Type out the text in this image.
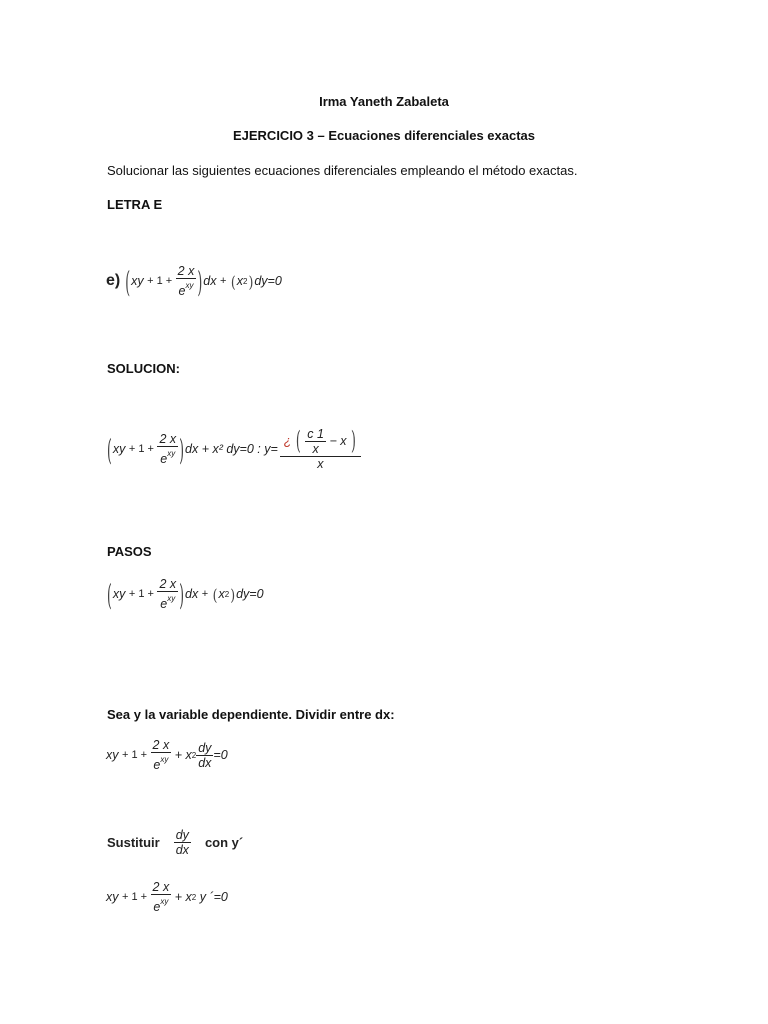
Irma Yaneth Zabaleta
EJERCICIO 3 – Ecuaciones diferenciales exactas
Solucionar las siguientes ecuaciones diferenciales empleando el método exactas.
LETRA E
e) ( xy
+ 1 +
$\frac{2 x}{e^{xy}}$ ) dx
+
( x 2 ) dy=0
SOLUCION:
( xy
+ 1 +
$\frac{2 x}{e^{xy}}$ ) dx + x² dy=0 : $y= \frac{¿ ( \frac{c 1}{x} - x )}{x}$
PASOS
( xy
+ 1 +
$\frac{2 x}{e^{xy}}$ ) dx
+
( x 2 ) dy=0
Sea y la variable dependiente. Dividir entre dx:
xy
+ 1 +
$\frac{2 x}{e^{xy}}$
+ x $2 \frac{dy}{dx} =0$
Sustituir $\frac{dy}{dx}$ con y´
xy
+ 1 +
$\frac{2 x}{e^{xy}}$
+ x 2
y ´ =0
